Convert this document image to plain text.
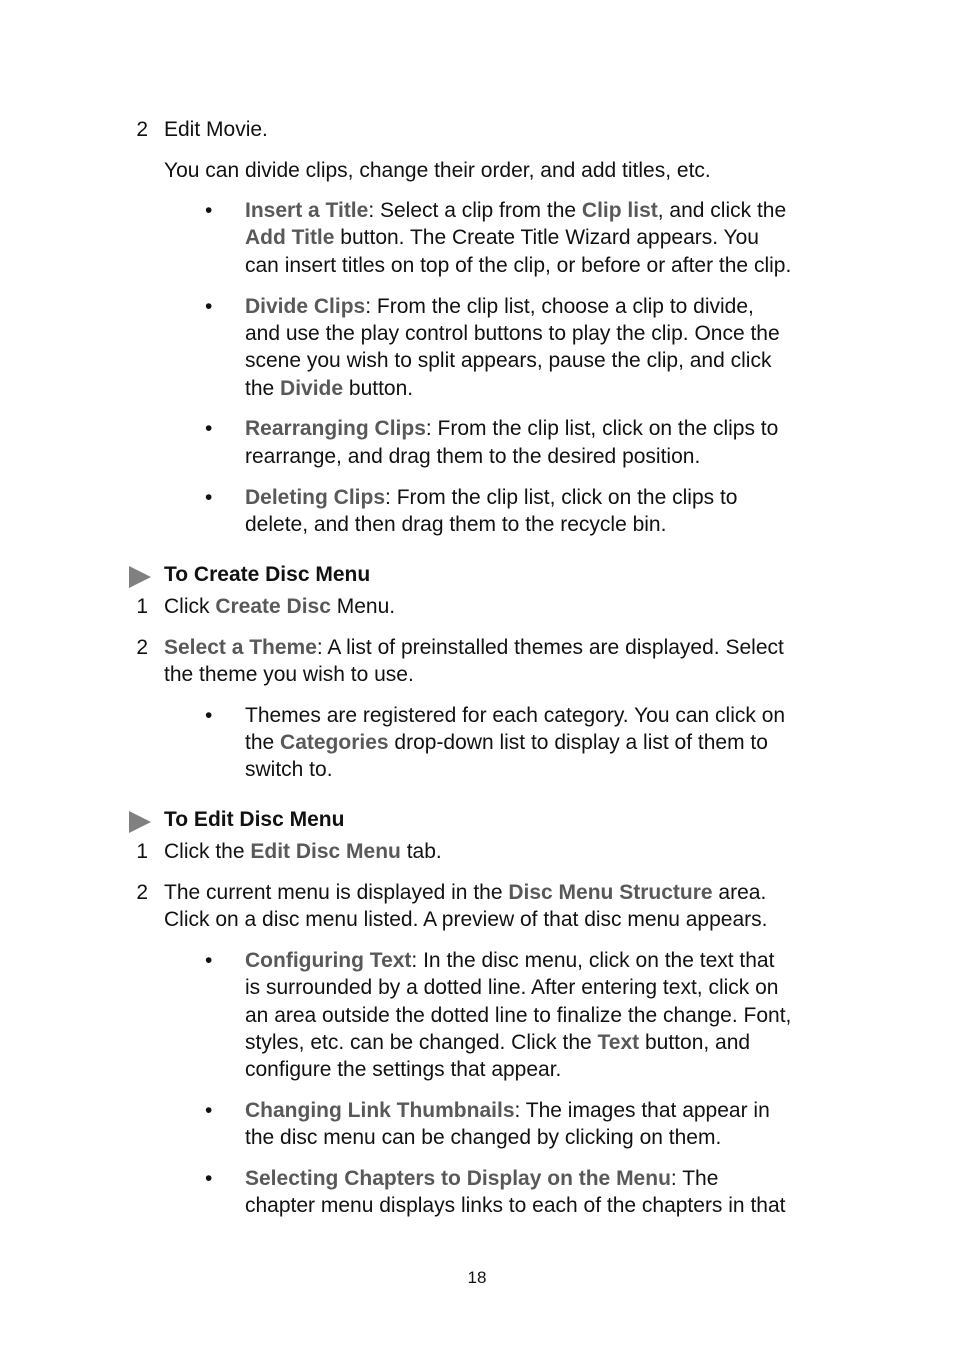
2 Edit Movie.
You can divide clips, change their order, and add titles, etc.
•	Insert a Title: Select a clip from the Clip list, and click the
Add Title button. The Create Title Wizard appears. You
can insert titles on top of the clip, or before or after the clip.
•	Divide Clips: From the clip list, choose a clip to divide,
and use the play control buttons to play the clip. Once the
scene you wish to split appears, pause the clip, and click
the Divide button.
•	Rearranging Clips: From the clip list, click on the clips to
rearrange, and drag them to the desired position.
•	Deleting Clips: From the clip list, click on the clips to
delete, and then drag them to the recycle bin.
To Create Disc Menu
1 Click Create Disc Menu.
2 Select a Theme: A list of preinstalled themes are displayed. Select
the theme you wish to use.
•	Themes are registered for each category. You can click on
the Categories drop-down list to display a list of them to
switch to.
To Edit Disc Menu
1 Click the Edit Disc Menu tab.
2 The current menu is displayed in the Disc Menu Structure area.
Click on a disc menu listed. A preview of that disc menu appears.
•	Configuring Text: In the disc menu, click on the text that
is surrounded by a dotted line. After entering text, click on
an area outside the dotted line to finalize the change. Font,
styles, etc. can be changed. Click the Text button, and
configure the settings that appear.
•	Changing Link Thumbnails: The images that appear in
the disc menu can be changed by clicking on them.
•	Selecting Chapters to Display on the Menu: The
chapter menu displays links to each of the chapters in that
18
